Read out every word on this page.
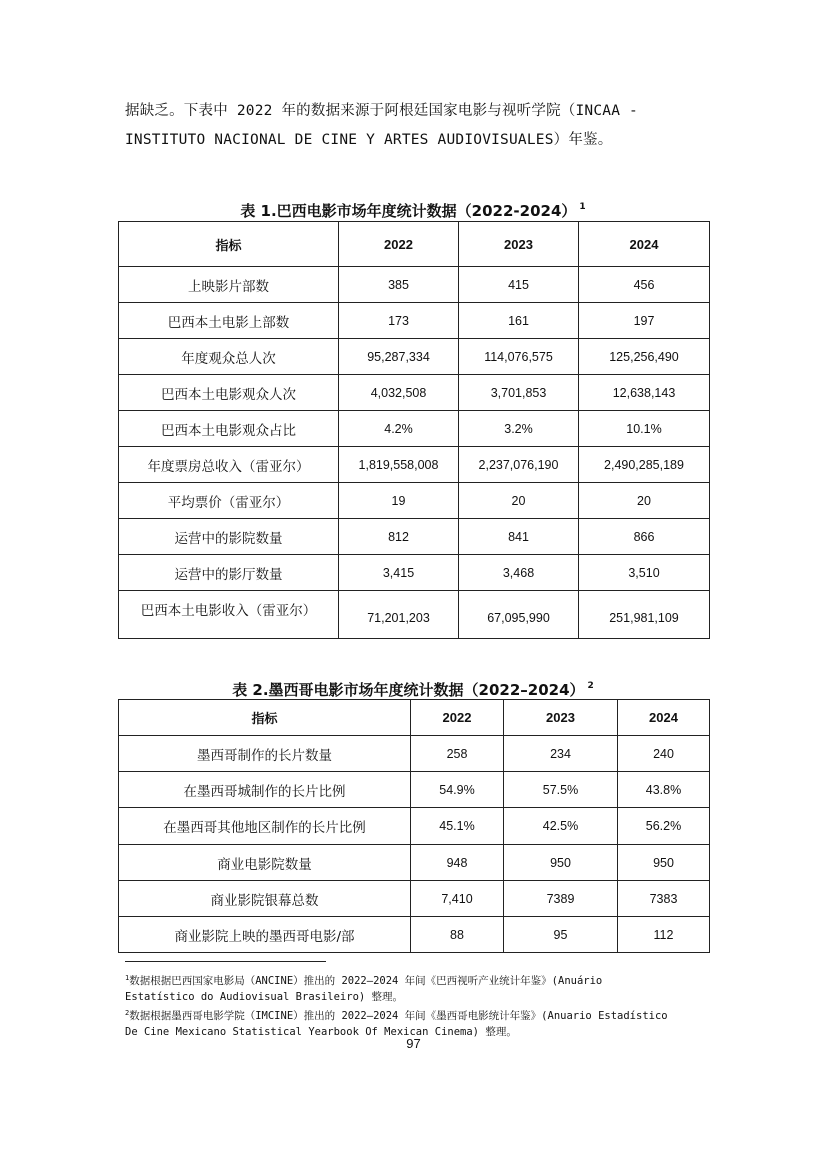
据缺乏。下表中 2022 年的数据来源于阿根廷国家电影与视听学院（INCAA -
INSTITUTO NACIONAL DE CINE Y ARTES AUDIOVISUALES）年鉴。
表 1.巴西电影市场年度统计数据（2022-2024） $^1$
指标	2022	2023	2024
上映影片部数	385	415	456
巴西本土电影上部数	173	161	197
年度观众总人次	95,287,334	114,076,575	125,256,490
巴西本土电影观众人次	4,032,508	3,701,853	12,638,143
巴西本土电影观众占比	4.2%	3.2%	10.1%
年度票房总收入（雷亚尔）	1,819,558,008	2,237,076,190	2,490,285,189
平均票价（雷亚尔）	19	20	20
运营中的影院数量	812	841	866
运营中的影厅数量	3,415	3,468	3,510
巴西本土电影收入（雷亚尔）	71,201,203	67,095,990	251,981,109
表 2.墨西哥电影市场年度统计数据（2022–2024） $^2$
指标	2022	2023	2024
墨西哥制作的长片数量	258	234	240
在墨西哥城制作的长片比例	54.9%	57.5%	43.8%
在墨西哥其他地区制作的长片比例	45.1%	42.5%	56.2%
商业电影院数量	948	950	950
商业影院银幕总数	7,410	7389	7383
商业影院上映的墨西哥电影/部	88	95	112
$^1$数据根据巴西国家电影局（ANCINE）推出的 2022—2024 年间《巴西视听产业统计年鉴》(Anuário
Estatístico do Audiovisual Brasileiro) 整理。
$^2$数据根据墨西哥电影学院（IMCINE）推出的 2022—2024 年间《墨西哥电影统计年鉴》(Anuario Estadístico
De Cine Mexicano Statistical Yearbook Of Mexican Cinema) 整理。
97
